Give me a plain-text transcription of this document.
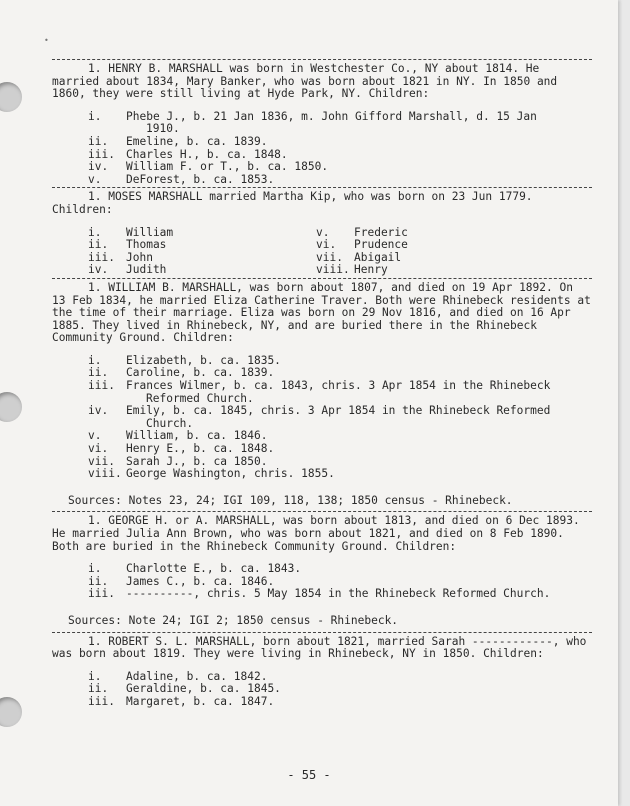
•

1. HENRY B. MARSHALL was born in Westchester Co., NY about 1814. He married about 1834, Mary Banker, who was born about 1821 in NY. In 1850 and 1860, they were still living at Hyde Park, NY. Children:

i.	Phebe J., b. 21 Jan 1836, m. John Gifford Marshall, d. 15 Jan
1910.
ii.	Emeline, b. ca. 1839.
iii. Charles H., b. ca. 1848.
iv.	William F. or T., b. ca. 1850.
v.	DeForest, b. ca. 1853.

1. MOSES MARSHALL married Martha Kip, who was born on 23 Jun 1779. Children:

i.	William
ii.	Thomas
iii. John
iv.	Judith
v.	Frederic
vi.	Prudence
vii. Abigail
viii. Henry

1. WILLIAM B. MARSHALL, was born about 1807, and died on 19 Apr 1892. On 13 Feb 1834, he married Eliza Catherine Traver. Both were Rhinebeck residents at the time of their marriage. Eliza was born on 29 Nov 1816, and died on 16 Apr 1885. They lived in Rhinebeck, NY, and are buried there in the Rhinebeck Community Ground. Children:

i.	Elizabeth, b. ca. 1835.
ii.	Caroline, b. ca. 1839.
iii. Frances Wilmer, b. ca. 1843, chris. 3 Apr 1854 in the Rhinebeck
Reformed Church.
iv.	Emily, b. ca. 1845, chris. 3 Apr 1854 in the Rhinebeck Reformed
Church.
v.	William, b. ca. 1846.
vi.	Henry E., b. ca. 1848.
vii. Sarah J., b. ca 1850.
viii. George Washington, chris. 1855.
Sources: Notes 23, 24; IGI 109, 118, 138; 1850 census - Rhinebeck.

1. GEORGE H. or A. MARSHALL, was born about 1813, and died on 6 Dec 1893. He married Julia Ann Brown, who was born about 1821, and died on 8 Feb 1890. Both are buried in the Rhinebeck Community Ground. Children:

i.	Charlotte E., b. ca. 1843.
ii.	James C., b. ca. 1846.
iii. ----------, chris. 5 May 1854 in the Rhinebeck Reformed Church.
Sources: Note 24; IGI 2; 1850 census - Rhinebeck.

1. ROBERT S. L. MARSHALL, born about 1821, married Sarah ------------, who was born about 1819. They were living in Rhinebeck, NY in 1850. Children:

i.	Adaline, b. ca. 1842.
ii.	Geraldine, b. ca. 1845.
iii. Margaret, b. ca. 1847.
- 55 -
